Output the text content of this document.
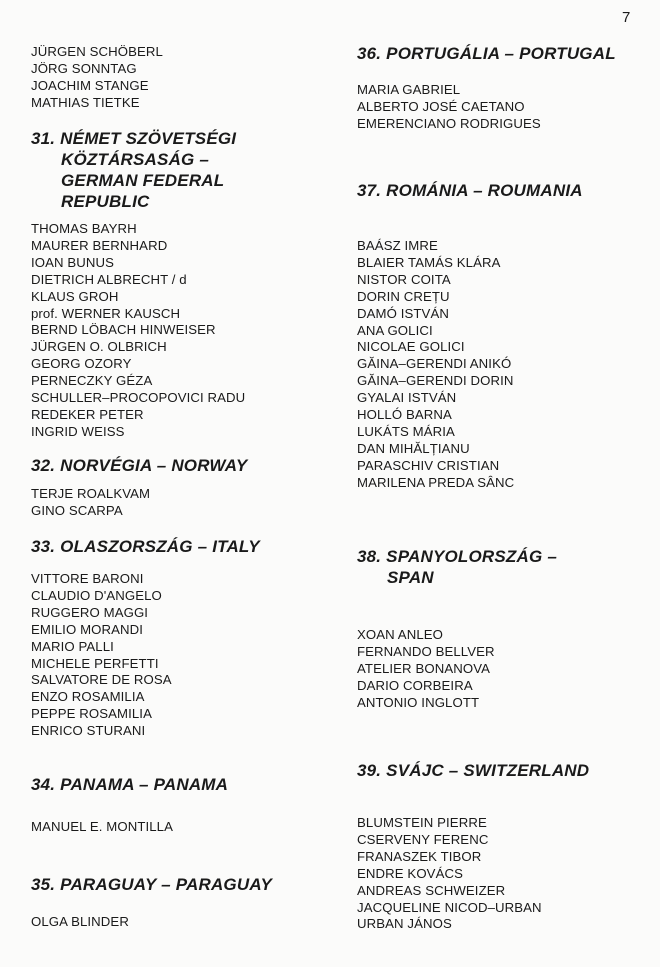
7
JÜRGEN SCHÖBERL
JÖRG SONNTAG
JOACHIM STANGE
MATHIAS TIETKE
31. NÉMET SZÖVETSÉGI
KÖZTÁRSASÁG –
GERMAN FEDERAL
REPUBLIC
THOMAS BAYRH
MAURER BERNHARD
IOAN BUNUS
DIETRICH ALBRECHT / d
KLAUS GROH
prof. WERNER KAUSCH
BERND LÖBACH HINWEISER
JÜRGEN O. OLBRICH
GEORG OZORY
PERNECZKY GÉZA
SCHULLER–PROCOPOVICI RADU
REDEKER PETER
INGRID WEISS
32. NORVÉGIA – NORWAY
TERJE ROALKVAM
GINO SCARPA
33. OLASZORSZÁG – ITALY
VITTORE BARONI
CLAUDIO D'ANGELO
RUGGERO MAGGI
EMILIO MORANDI
MARIO PALLI
MICHELE PERFETTI
SALVATORE DE ROSA
ENZO ROSAMILIA
PEPPE ROSAMILIA
ENRICO STURANI
34. PANAMA – PANAMA
MANUEL E. MONTILLA
35. PARAGUAY – PARAGUAY
OLGA BLINDER
36. PORTUGÁLIA – PORTUGAL
MARIA GABRIEL
ALBERTO JOSÉ CAETANO
EMERENCIANO RODRIGUES
37. ROMÁNIA – ROUMANIA
BAÁSZ IMRE
BLAIER TAMÁS KLÁRA
NISTOR COITA
DORIN CREȚU
DAMÓ ISTVÁN
ANA GOLICI
NICOLAE GOLICI
GĂINA–GERENDI ANIKÓ
GĂINA–GERENDI DORIN
GYALAI ISTVÁN
HOLLÓ BARNA
LUKÁTS MÁRIA
DAN MIHĂLȚIANU
PARASCHIV CRISTIAN
MARILENA PREDA SÂNC
38. SPANYOLORSZÁG –
SPAN
XOAN ANLEO
FERNANDO BELLVER
ATELIER BONANOVA
DARIO CORBEIRA
ANTONIO INGLOTT
39. SVÁJC – SWITZERLAND
BLUMSTEIN PIERRE
CSERVENY FERENC
FRANASZEK TIBOR
ENDRE KOVÁCS
ANDREAS SCHWEIZER
JACQUELINE NICOD–URBAN
URBAN JÁNOS
